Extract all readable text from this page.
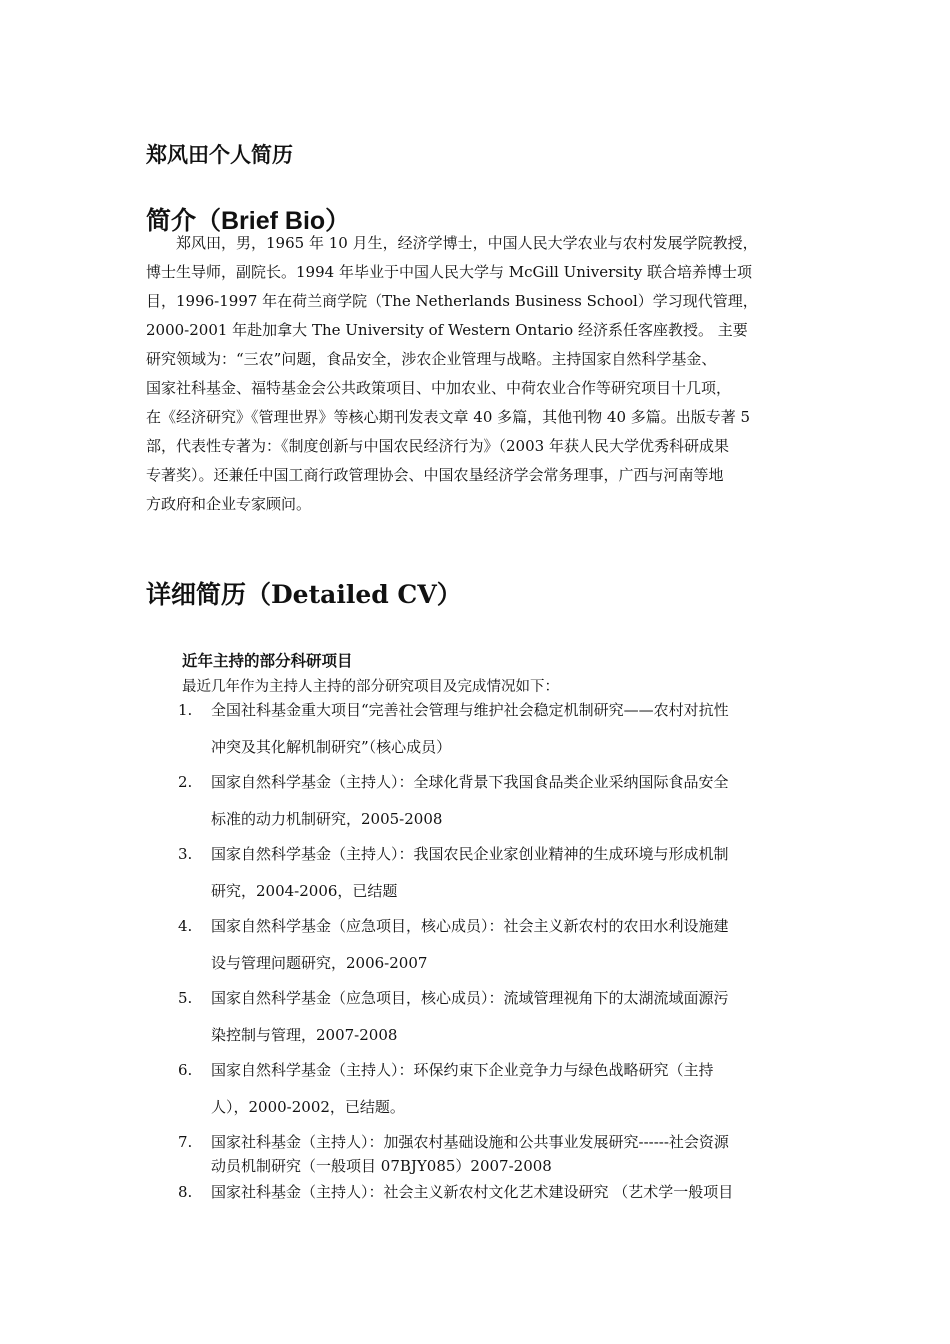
郑风田个人简历
简介（Brief Bio）

　　郑风田，男，1965 年 10 月生，经济学博士，中国人民大学农业与农村发展学院教授，
博士生导师，副院长。1994 年毕业于中国人民大学与 McGill University 联合培养博士项
目，1996-1997 年在荷兰商学院（The Netherlands Business School）学习现代管理，
2000-2001 年赴加拿大 The University of Western Ontario 经济系任客座教授。 主要
研究领域为：“三农”问题，食品安全，涉农企业管理与战略。主持国家自然科学基金、
国家社科基金、福特基金会公共政策项目、中加农业、中荷农业合作等研究项目十几项，
在《经济研究》《管理世界》等核心期刊发表文章 40 多篇，其他刊物 40 多篇。出版专著 5
部，代表性专著为：《制度创新与中国农民经济行为》（2003 年获人民大学优秀科研成果
专著奖）。还兼任中国工商行政管理协会、中国农垦经济学会常务理事，广西与河南等地
方政府和企业专家顾问。

详细简历（Detailed CV）
近年主持的部分科研项目

最近几年作为主持人主持的部分研究项目及完成情况如下：

1. 全国社科基金重大项目“完善社会管理与维护社会稳定机制研究——农村对抗性
冲突及其化解机制研究”（核心成员）
2. 国家自然科学基金（主持人）：全球化背景下我国食品类企业采纳国际食品安全
标准的动力机制研究，2005-2008
3. 国家自然科学基金（主持人）：我国农民企业家创业精神的生成环境与形成机制
研究，2004-2006，已结题
4. 国家自然科学基金（应急项目，核心成员）：社会主义新农村的农田水利设施建
设与管理问题研究，2006-2007
5. 国家自然科学基金（应急项目，核心成员）：流域管理视角下的太湖流域面源污
染控制与管理，2007-2008
6. 国家自然科学基金（主持人）：环保约束下企业竞争力与绿色战略研究（主持
人），2000-2002，已结题。
7. 国家社科基金（主持人）：加强农村基础设施和公共事业发展研究------社会资源
动员机制研究（一般项目 07BJY085）2007-2008
8. 国家社科基金（主持人）：社会主义新农村文化艺术建设研究 （艺术学一般项目
